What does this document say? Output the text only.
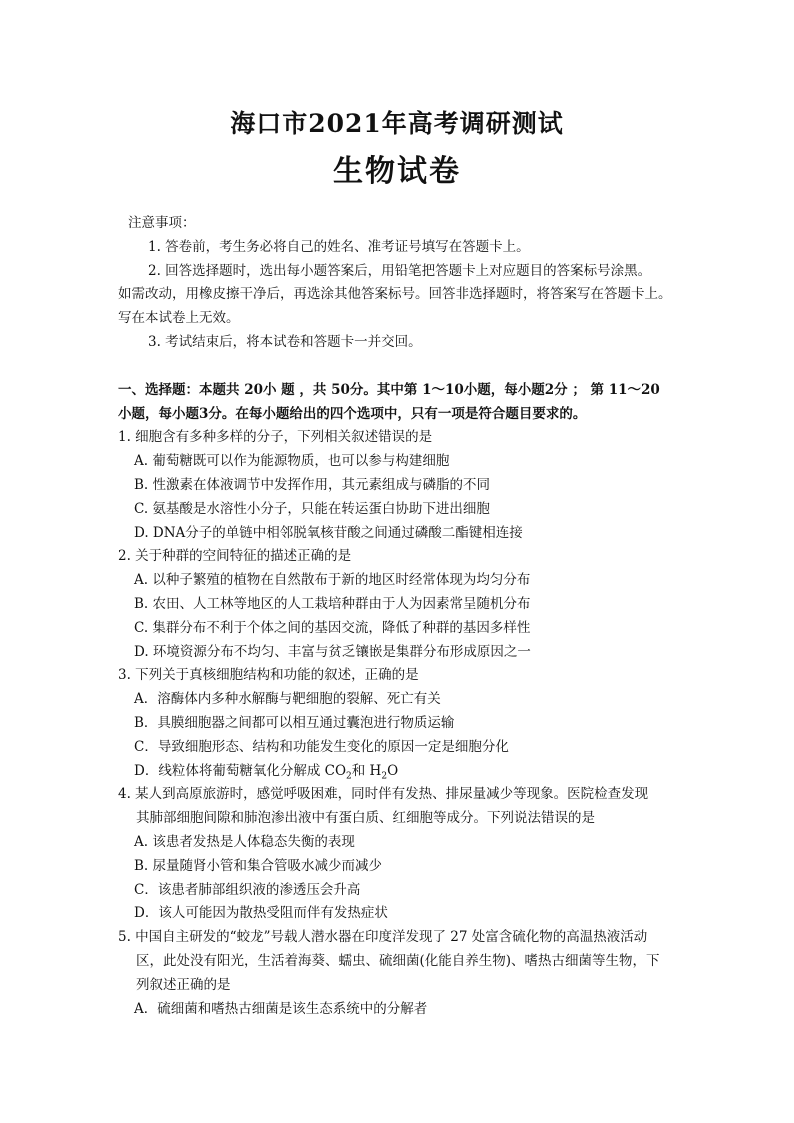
海口市2021年高考调研测试
生物试卷
注意事项：
1. 答卷前，考生务必将自己的姓名、准考证号填写在答题卡上。
2. 回答选择题时，选出每小题答案后，用铅笔把答题卡上对应题目的答案标号涂黑。
如需改动，用橡皮擦干净后，再选涂其他答案标号。回答非选择题时，将答案写在答题卡上。
写在本试卷上无效。
3. 考试结束后，将本试卷和答题卡一并交回。
一、选择题：本题共 20小 题 ，共 50分。其中第 1～10小题，每小题2分 ； 第 11～20
小题，每小题3分。在每小题给出的四个选项中，只有一项是符合题目要求的。
1. 细胞含有多种多样的分子，下列相关叙述错误的是
A. 葡萄糖既可以作为能源物质，也可以参与构建细胞
B. 性激素在体液调节中发挥作用，其元素组成与磷脂的不同
C. 氨基酸是水溶性小分子，只能在转运蛋白协助下进出细胞
D. DNA分子的单链中相邻脱氧核苷酸之间通过磷酸二酯键相连接
2. 关于种群的空间特征的描述正确的是
A. 以种子繁殖的植物在自然散布于新的地区时经常体现为均匀分布
B. 农田、人工林等地区的人工栽培种群由于人为因素常呈随机分布
C. 集群分布不利于个体之间的基因交流，降低了种群的基因多样性
D. 环境资源分布不均匀、丰富与贫乏镶嵌是集群分布形成原因之一
3. 下列关于真核细胞结构和功能的叙述，正确的是
A．溶酶体内多种水解酶与靶细胞的裂解、死亡有关
B．具膜细胞器之间都可以相互通过囊泡进行物质运输
C．导致细胞形态、结构和功能发生变化的原因一定是细胞分化
D．线粒体将葡萄糖氧化分解成 $CO_2$和 $H_2O$
4. 某人到高原旅游时，感觉呼吸困难，同时伴有发热、排尿量减少等现象。医院检查发现
其肺部细胞间隙和肺泡渗出液中有蛋白质、红细胞等成分。下列说法错误的是
A. 该患者发热是人体稳态失衡的表现
B. 尿量随肾小管和集合管吸水减少而减少
C．该患者肺部组织液的渗透压会升高
D．该人可能因为散热受阻而伴有发热症状
5. 中国自主研发的“蛟龙”号载人潜水器在印度洋发现了 27 处富含硫化物的高温热液活动
区，此处没有阳光，生活着海葵、蠕虫、硫细菌(化能自养生物)、嗜热古细菌等生物，下
列叙述正确的是
A．硫细菌和嗜热古细菌是该生态系统中的分解者
